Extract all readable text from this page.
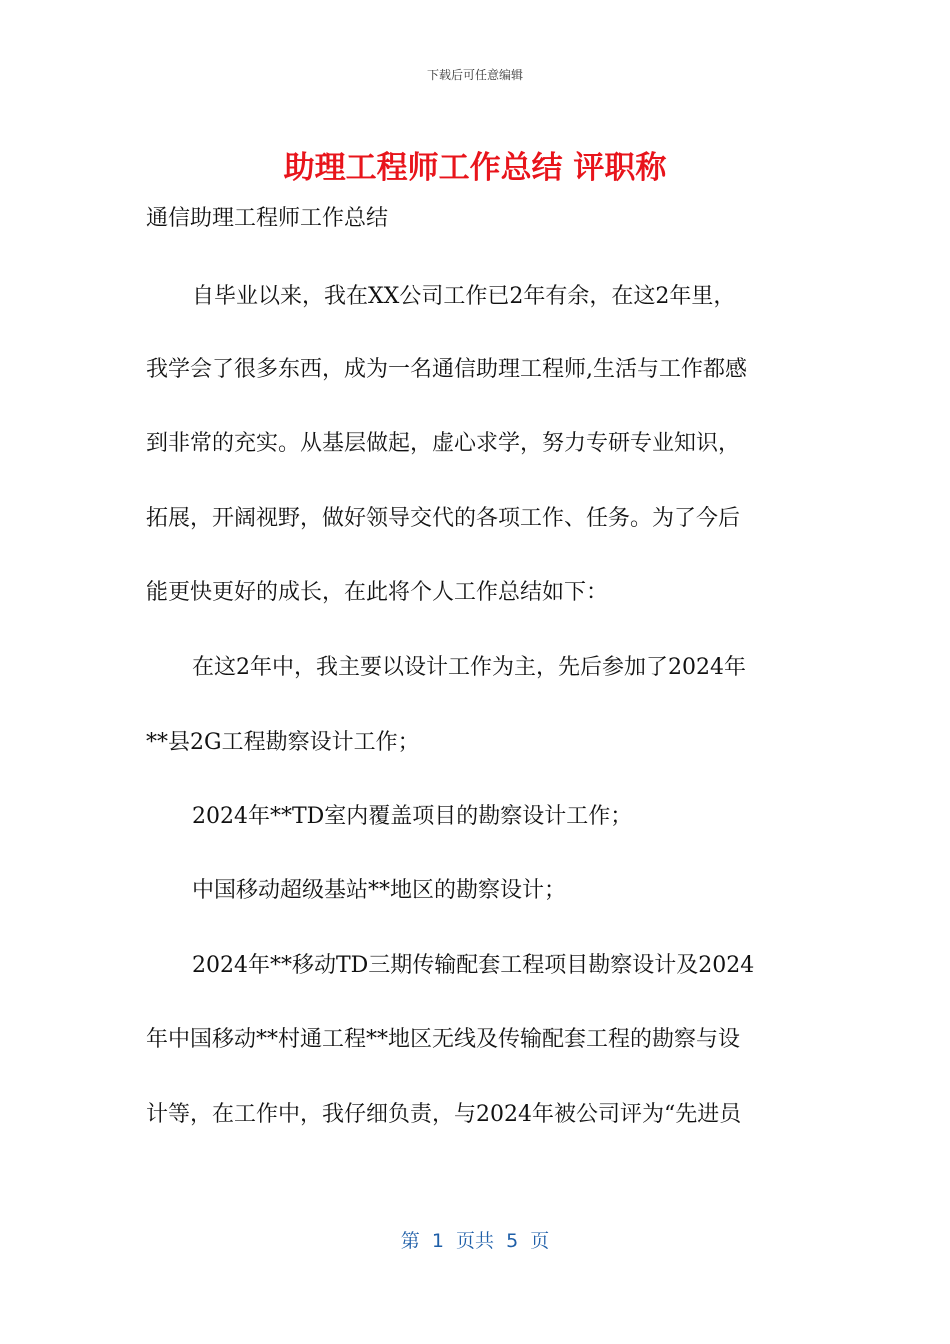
下载后可任意编辑
助理工程师工作总结 评职称
通信助理工程师工作总结
自毕业以来，我在XX公司工作已2年有余，在这2年里，
我学会了很多东西，成为一名通信助理工程师,生活与工作都感
到非常的充实。从基层做起，虚心求学，努力专研专业知识，
拓展，开阔视野，做好领导交代的各项工作、任务。为了今后
能更快更好的成长，在此将个人工作总结如下：
在这2年中，我主要以设计工作为主，先后参加了2024年
**县2G工程勘察设计工作；
2024年**TD室内覆盖项目的勘察设计工作；
中国移动超级基站**地区的勘察设计；
2024年**移动TD三期传输配套工程项目勘察设计及2024
年中国移动**村通工程**地区无线及传输配套工程的勘察与设
计等，在工作中，我仔细负责，与2024年被公司评为“先进员
第  1  页共  5  页
